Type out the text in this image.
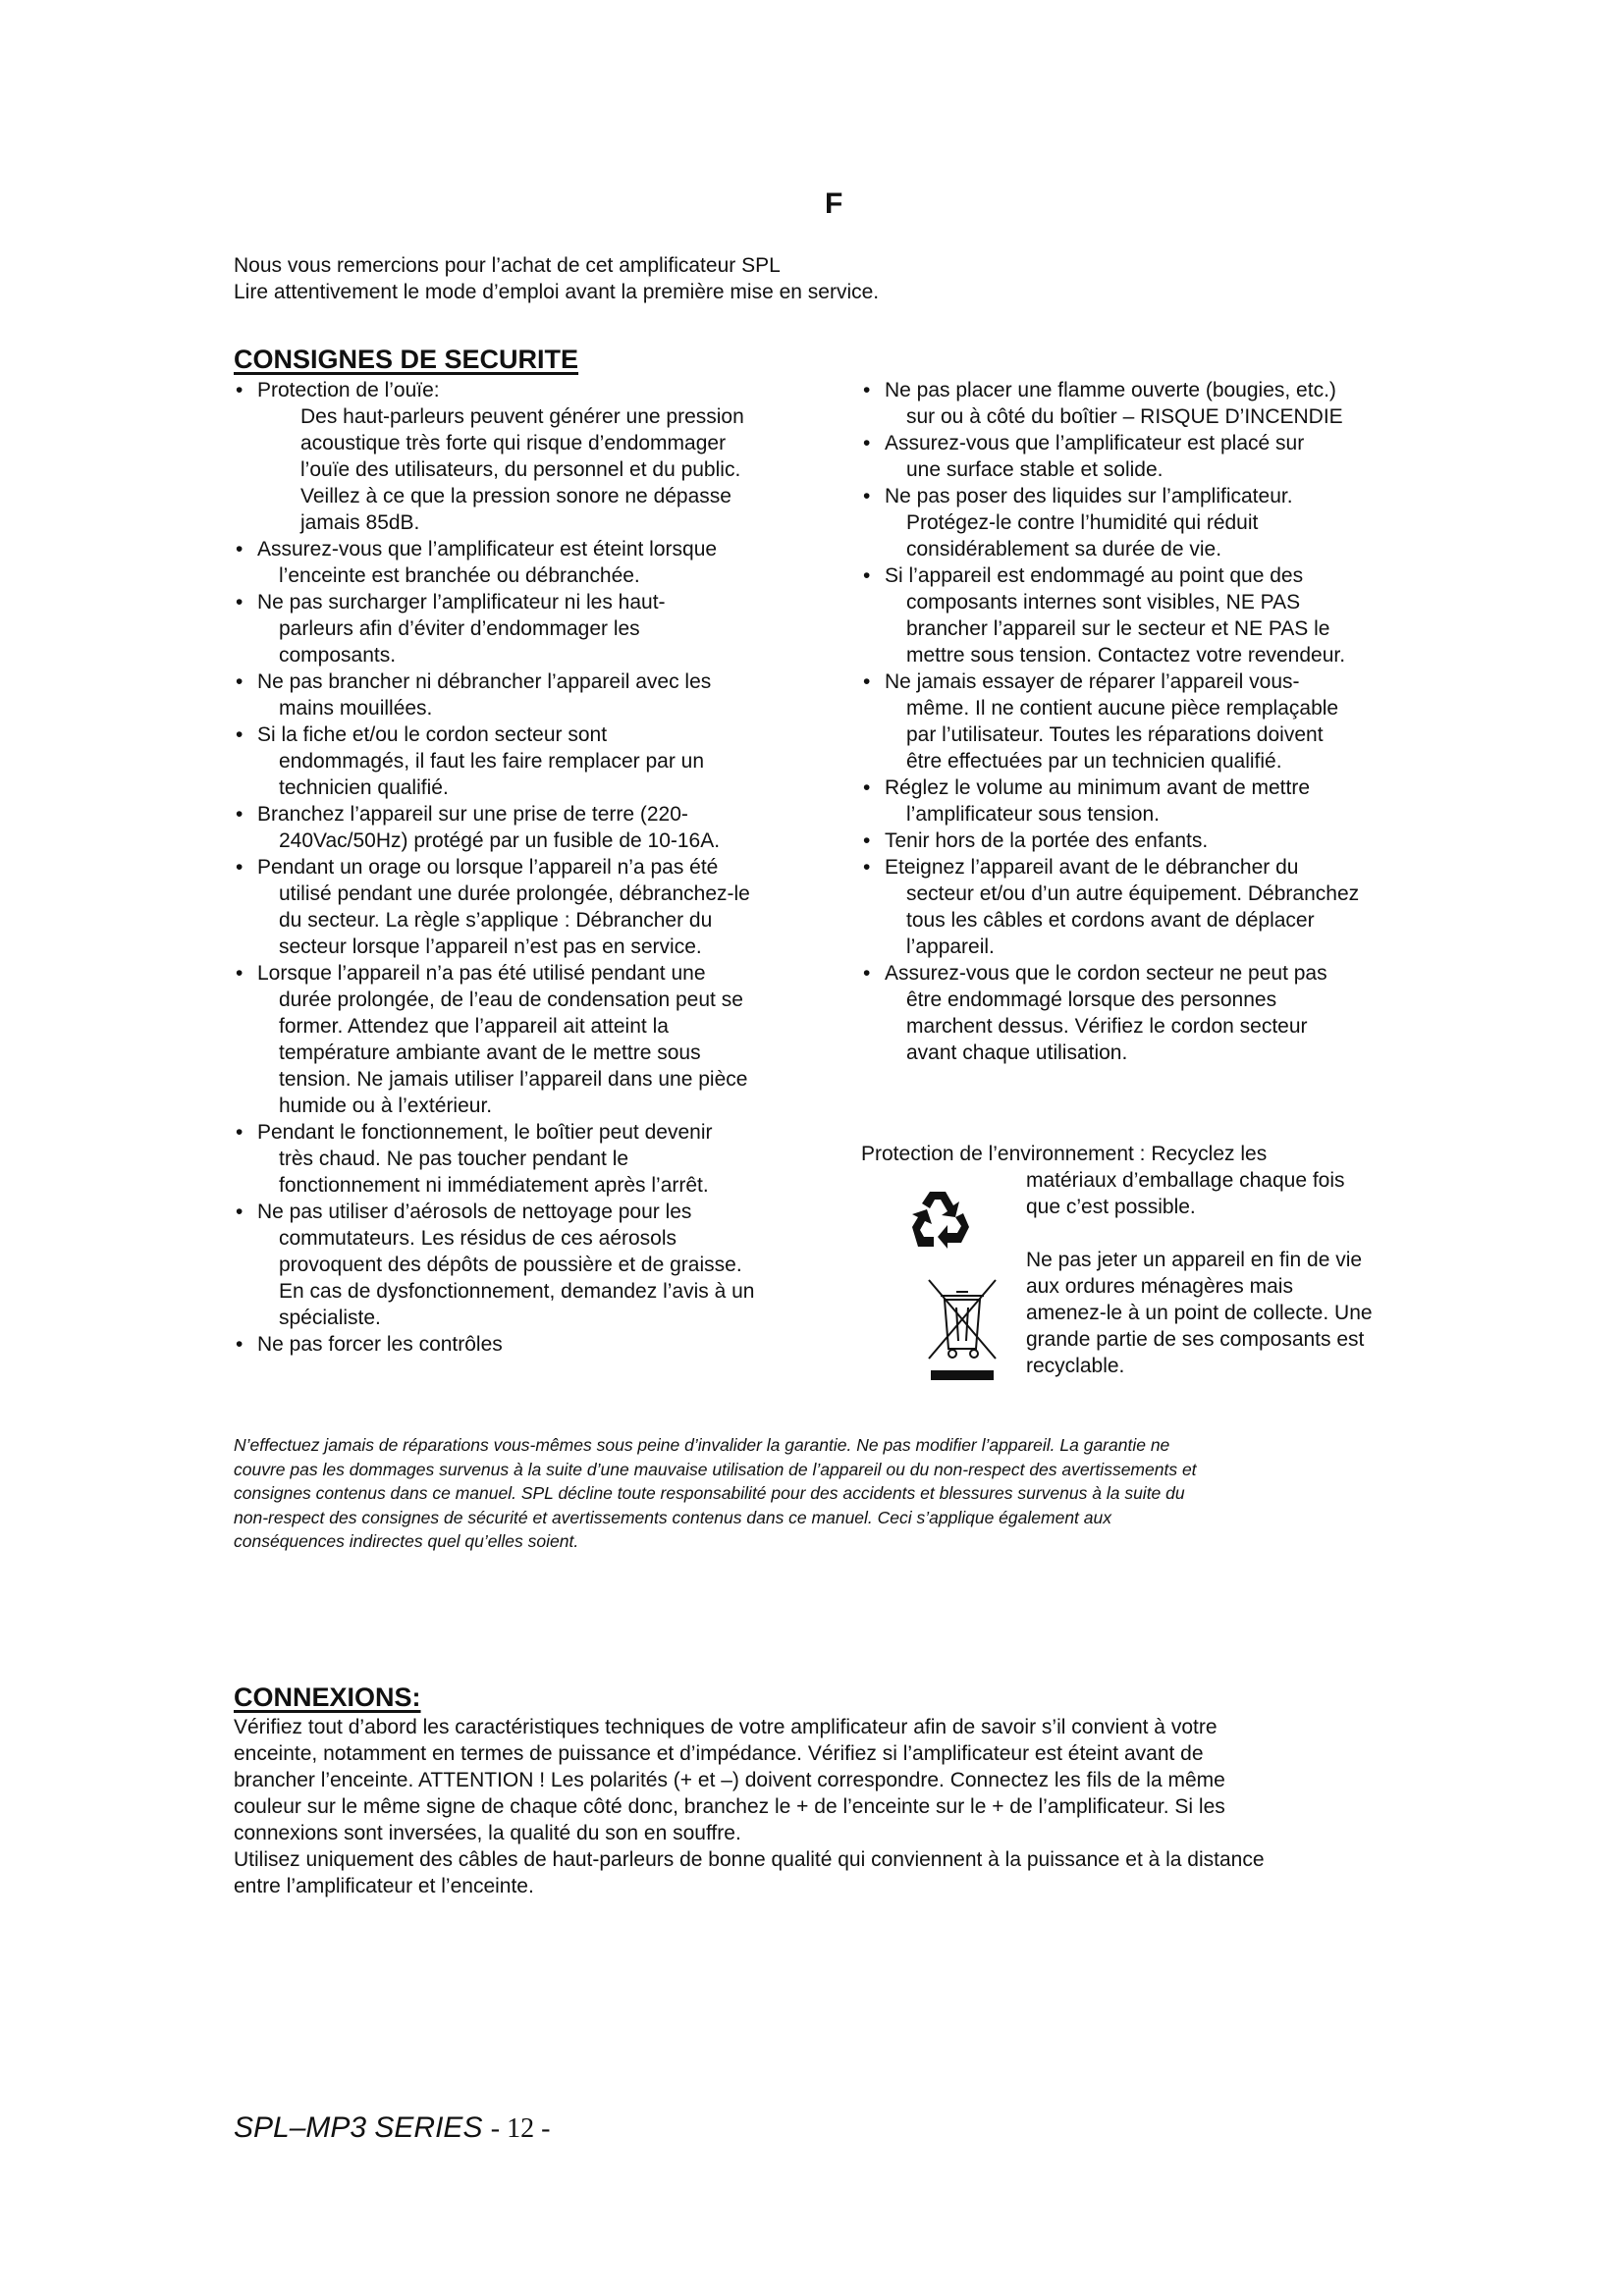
F
Nous vous remercions pour l’achat de cet amplificateur SPL
Lire attentivement le mode d’emploi avant la première mise en service.
CONSIGNES DE SECURITE
• Protection de l’ouïe:
Des haut-parleurs peuvent générer une pression
acoustique très forte qui risque d’endommager
l’ouïe des utilisateurs, du personnel et du public.
Veillez à ce que la pression sonore ne dépasse
jamais 85dB.
• Assurez-vous que l’amplificateur est éteint lorsque
l’enceinte est branchée ou débranchée.
• Ne pas surcharger l’amplificateur ni les haut-
parleurs afin d’éviter d’endommager les
composants.
• Ne pas brancher ni débrancher l’appareil avec les
mains mouillées.
• Si la fiche et/ou le cordon secteur sont
endommagés, il faut les faire remplacer par un
technicien qualifié.
• Branchez l’appareil sur une prise de terre (220-
240Vac/50Hz) protégé par un fusible de 10-16A.
• Pendant un orage ou lorsque l’appareil n’a pas été
utilisé pendant une durée prolongée, débranchez-le
du secteur. La règle s’applique : Débrancher du
secteur lorsque l’appareil n’est pas en service.
• Lorsque l’appareil n’a pas été utilisé pendant une
durée prolongée, de l’eau de condensation peut se
former. Attendez que l’appareil ait atteint la
température ambiante avant de le mettre sous
tension. Ne jamais utiliser l’appareil dans une pièce
humide ou à l’extérieur.
• Pendant le fonctionnement, le boîtier peut devenir
très chaud. Ne pas toucher pendant le
fonctionnement ni immédiatement après l’arrêt.
• Ne pas utiliser d’aérosols de nettoyage pour les
commutateurs. Les résidus de ces aérosols
provoquent des dépôts de poussière et de graisse.
En cas de dysfonctionnement, demandez l’avis à un
spécialiste.
• Ne pas forcer les contrôles
• Ne pas placer une flamme ouverte (bougies, etc.)
sur ou à côté du boîtier – RISQUE D’INCENDIE
• Assurez-vous que l’amplificateur est placé sur
une surface stable et solide.
• Ne pas poser des liquides sur l’amplificateur.
Protégez-le contre l’humidité qui réduit
considérablement sa durée de vie.
• Si l’appareil est endommagé au point que des
composants internes sont visibles, NE PAS
brancher l’appareil sur le secteur et NE PAS le
mettre sous tension. Contactez votre revendeur.
• Ne jamais essayer de réparer l’appareil vous-
même. Il ne contient aucune pièce remplaçable
par l’utilisateur. Toutes les réparations doivent
être effectuées par un technicien qualifié.
• Réglez le volume au minimum avant de mettre
l’amplificateur sous tension.
• Tenir hors de la portée des enfants.
• Eteignez l’appareil avant de le débrancher du
secteur et/ou d’un autre équipement. Débranchez
tous les câbles et cordons avant de déplacer
l’appareil.
• Assurez-vous que le cordon secteur ne peut pas
être endommagé lorsque des personnes
marchent dessus. Vérifiez le cordon secteur
avant chaque utilisation.
Protection de l’environnement : Recyclez les
matériaux d’emballage chaque fois
que c’est possible.
Ne pas jeter un appareil en fin de vie
aux ordures ménagères mais
amenez-le à un point de collecte. Une
grande partie de ses composants est
recyclable.
N’effectuez jamais de réparations vous-mêmes sous peine d’invalider la garantie. Ne pas modifier l’appareil. La garantie ne
couvre pas les dommages survenus à la suite d’une mauvaise utilisation de l’appareil ou du non-respect des avertissements et
consignes contenus dans ce manuel. SPL décline toute responsabilité pour des accidents et blessures survenus à la suite du
non-respect des consignes de sécurité et avertissements contenus dans ce manuel. Ceci s’applique également aux
conséquences indirectes quel qu’elles soient.
CONNEXIONS:
Vérifiez tout d’abord les caractéristiques techniques de votre amplificateur afin de savoir s’il convient à votre
enceinte, notamment en termes de puissance et d’impédance. Vérifiez si l’amplificateur est éteint avant de
brancher l’enceinte. ATTENTION ! Les polarités (+ et –) doivent correspondre. Connectez les fils de la même
couleur sur le même signe de chaque côté donc, branchez le + de l’enceinte sur le + de l’amplificateur. Si les
connexions sont inversées, la qualité du son en souffre.
Utilisez uniquement des câbles de haut-parleurs de bonne qualité qui conviennent à la puissance et à la distance
entre l’amplificateur et l’enceinte.
SPL–MP3 SERIES - 12 -
